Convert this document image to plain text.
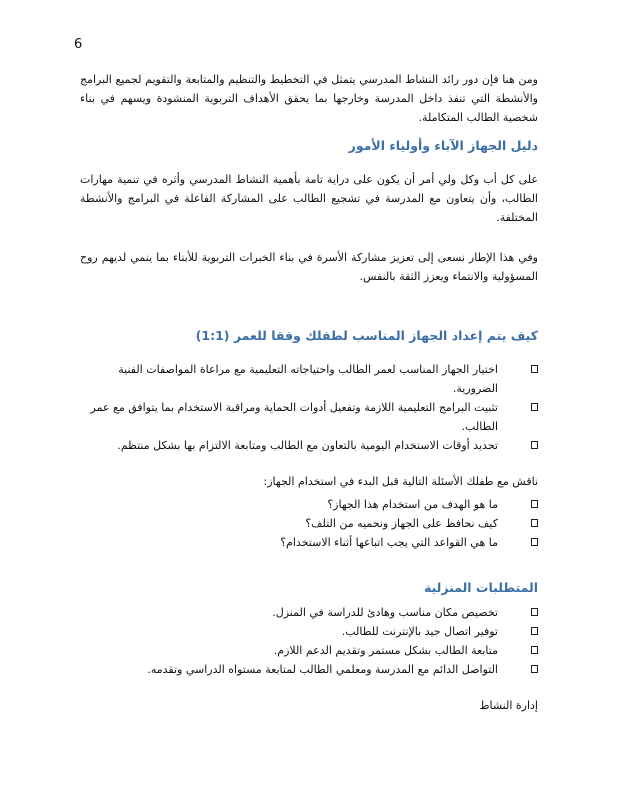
6

ومن هنا فإن دور رائد النشاط المدرسي يتمثل في التخطيط والتنظيم والمتابعة والتقويم لجميع البرامج والأنشطة التي تنفذ داخل المدرسة وخارجها بما يحقق الأهداف التربوية المنشودة ويسهم في بناء شخصية الطالب المتكاملة.

دليل الجهاز الآباء وأولياء الأمور

على كل أب وكل ولي أمر أن يكون على دراية تامة بأهمية النشاط المدرسي وأثره في تنمية مهارات الطالب، وأن يتعاون مع المدرسة في تشجيع الطالب على المشاركة الفاعلة في البرامج والأنشطة المختلفة.

وفي هذا الإطار نسعى إلى تعزيز مشاركة الأسرة في بناء الخبرات التربوية للأبناء بما ينمي لديهم روح المسؤولية والانتماء ويعزز الثقة بالنفس.

كيف يتم إعداد الجهاز المناسب لطفلك وفقا للعمر (1:1)
اختيار الجهاز المناسب لعمر الطالب واحتياجاته التعليمية مع مراعاة المواصفات الفنية الضرورية.
تثبيت البرامج التعليمية اللازمة وتفعيل أدوات الحماية ومراقبة الاستخدام بما يتوافق مع عمر الطالب.
تحديد أوقات الاستخدام اليومية بالتعاون مع الطالب ومتابعة الالتزام بها بشكل منتظم.

ناقش مع طفلك الأسئلة التالية قبل البدء في استخدام الجهاز:

ما هو الهدف من استخدام هذا الجهاز؟
كيف نحافظ على الجهاز ونحميه من التلف؟
ما هي القواعد التي يجب اتباعها أثناء الاستخدام؟
المتطلبات المنزلية
تخصيص مكان مناسب وهادئ للدراسة في المنزل.
توفير اتصال جيد بالإنترنت للطالب.
متابعة الطالب بشكل مستمر وتقديم الدعم اللازم.
التواصل الدائم مع المدرسة ومعلمي الطالب لمتابعة مستواه الدراسي وتقدمه.

إدارة النشاط
